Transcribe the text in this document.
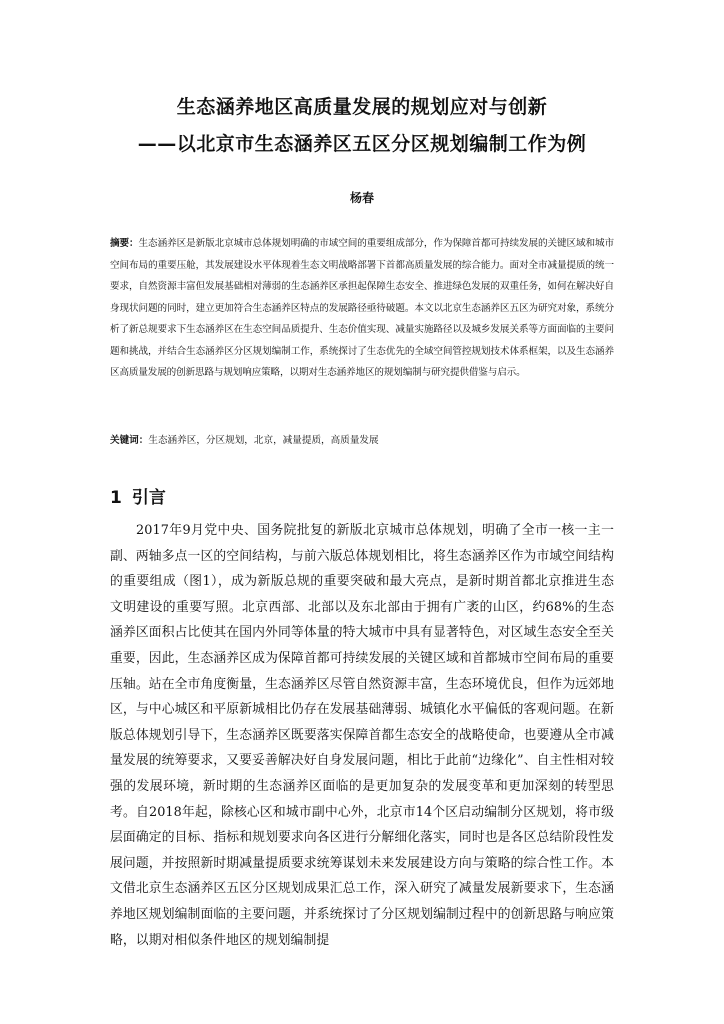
生态涵养地区高质量发展的规划应对与创新
——以北京市生态涵养区五区分区规划编制工作为例

杨春

摘要：生态涵养区是新版北京城市总体规划明确的市域空间的重要组成部分，作为保障首都可持续发展的关键区域和城市空间布局的重要压舱，其发展建设水平体现着生态文明战略部署下首都高质量发展的综合能力。面对全市减量提质的统一要求，自然资源丰富但发展基础相对薄弱的生态涵养区承担起保障生态安全、推进绿色发展的双重任务，如何在解决好自身现状问题的同时，建立更加符合生态涵养区特点的发展路径亟待破题。本文以北京生态涵养区五区为研究对象，系统分析了新总规要求下生态涵养区在生态空间品质提升、生态价值实现、减量实施路径以及城乡发展关系等方面面临的主要问题和挑战，并结合生态涵养区分区规划编制工作，系统探讨了生态优先的全域空间管控规划技术体系框架，以及生态涵养区高质量发展的创新思路与规划响应策略，以期对生态涵养地区的规划编制与研究提供借鉴与启示。

关键词：生态涵养区，分区规划，北京，减量提质，高质量发展

1 引言

2017年9月党中央、国务院批复的新版北京城市总体规划，明确了全市一核一主一副、两轴多点一区的空间结构，与前六版总体规划相比，将生态涵养区作为市域空间结构的重要组成（图1），成为新版总规的重要突破和最大亮点，是新时期首都北京推进生态文明建设的重要写照。北京西部、北部以及东北部由于拥有广袤的山区，约68%的生态涵养区面积占比使其在国内外同等体量的特大城市中具有显著特色，对区域生态安全至关重要，因此，生态涵养区成为保障首都可持续发展的关键区域和首都城市空间布局的重要压轴。站在全市角度衡量，生态涵养区尽管自然资源丰富，生态环境优良，但作为远郊地区，与中心城区和平原新城相比仍存在发展基础薄弱、城镇化水平偏低的客观问题。在新版总体规划引导下，生态涵养区既要落实保障首都生态安全的战略使命，也要遵从全市减量发展的统筹要求，又要妥善解决好自身发展问题，相比于此前“边缘化”、自主性相对较强的发展环境，新时期的生态涵养区面临的是更加复杂的发展变革和更加深刻的转型思考。自2018年起，除核心区和城市副中心外，北京市14个区启动编制分区规划，将市级层面确定的目标、指标和规划要求向各区进行分解细化落实，同时也是各区总结阶段性发展问题，并按照新时期减量提质要求统筹谋划未来发展建设方向与策略的综合性工作。本文借北京生态涵养区五区分区规划成果汇总工作，深入研究了减量发展新要求下，生态涵养地区规划编制面临的主要问题，并系统探讨了分区规划编制过程中的创新思路与响应策略，以期对相似条件地区的规划编制提
